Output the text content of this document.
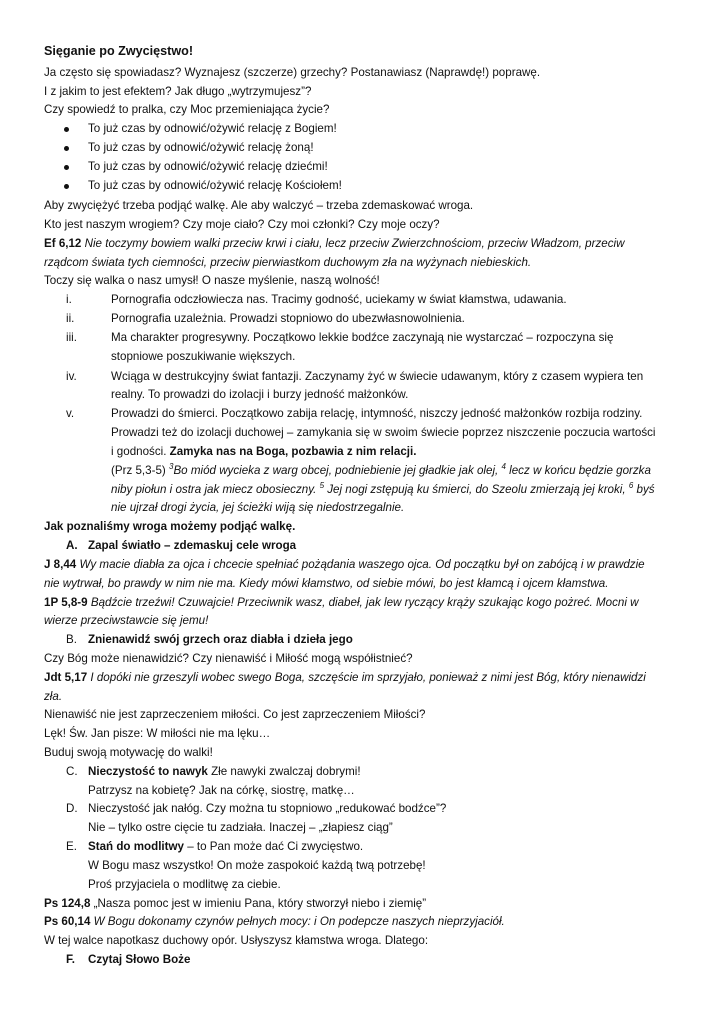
Sięganie po Zwycięstwo!
Ja często się spowiadasz? Wyznajesz (szczerze) grzechy? Postanawiasz (Naprawdę!) poprawę.
I z jakim to jest efektem? Jak długo „wytrzymujesz”?
Czy spowiedź to pralka, czy Moc przemieniająca życie?
To już czas by odnowić/ożywić relację z Bogiem!
To już czas by odnowić/ożywić relację żoną!
To już czas by odnowić/ożywić relację dziećmi!
To już czas by odnowić/ożywić relację Kościołem!
Aby zwyciężyć trzeba podjąć walkę. Ale aby walczyć – trzeba zdemaskować wroga.
Kto jest naszym wrogiem? Czy moje ciało? Czy moi członki? Czy moje oczy?
Ef 6,12 Nie toczymy bowiem walki przeciw krwi i ciału, lecz przeciw Zwierzchnościom, przeciw Władzom, przeciw
rządcom świata tych ciemności, przeciw pierwiastkom duchowym zła na wyżynach niebieskich.
Toczy się walka o nasz umysł! O nasze myślenie, naszą wolność!
i.	Pornografia odczłowiecza nas. Tracimy godność, uciekamy w świat kłamstwa, udawania.
ii.	Pornografia uzależnia. Prowadzi stopniowo do ubezwłasnowolnienia.
iii.	Ma charakter progresywny. Początkowo lekkie bodźce zaczynają nie wystarczać – rozpoczyna się
stopniowe poszukiwanie większych.
iv.	Wciąga w destrukcyjny świat fantazji. Zaczynamy żyć w świecie udawanym, który z czasem wypiera ten
realny. To prowadzi do izolacji i burzy jedność małżonków.
v.	Prowadzi do śmierci. Początkowo zabija relację, intymność, niszczy jedność małżonków rozbija rodziny.
Prowadzi też do izolacji duchowej – zamykania się w swoim świecie poprzez niszczenie poczucia wartości
i godności. Zamyka nas na Boga, pozbawia z nim relacji.
(Prz 5,3-5) $^3$Bo miód wycieka z warg obcej, podniebienie jej gładkie jak olej, $^4$ lecz w końcu będzie gorzka
niby piołun i ostra jak miecz obosieczny. $^5$ Jej nogi zstępują ku śmierci, do Szeolu zmierzają jej kroki, $^6$ byś
nie ujrzał drogi życia, jej ścieżki wiją się niedostrzegalnie.
Jak poznaliśmy wroga możemy podjąć walkę.
A. Zapal światło – zdemaskuj cele wroga
J 8,44 Wy macie diabła za ojca i chcecie spełniać pożądania waszego ojca. Od początku był on zabójcą i w prawdzie
nie wytrwał, bo prawdy w nim nie ma. Kiedy mówi kłamstwo, od siebie mówi, bo jest kłamcą i ojcem kłamstwa.
1P 5,8-9 Bądźcie trzeźwi! Czuwajcie! Przeciwnik wasz, diabeł, jak lew ryczący krąży szukając kogo pożreć. Mocni w
wierze przeciwstawcie się jemu!
B. Znienawidź swój grzech oraz diabła i dzieła jego
Czy Bóg może nienawidzić? Czy nienawiść i Miłość mogą współistnieć?
Jdt 5,17 I dopóki nie grzeszyli wobec swego Boga, szczęście im sprzyjało, ponieważ z nimi jest Bóg, który nienawidzi
zła.
Nienawiść nie jest zaprzeczeniem miłości. Co jest zaprzeczeniem Miłości?
Lęk! Św. Jan pisze: W miłości nie ma lęku…
Buduj swoją motywację do walki!
C. Nieczystość to nawyk Złe nawyki zwalczaj dobrymi!
Patrzysz na kobietę? Jak na córkę, siostrę, matkę…
D. Nieczystość jak nałóg. Czy można tu stopniowo „redukować bodźce”?
Nie – tylko ostre cięcie tu zadziała. Inaczej – „złapiesz ciąg”
E. Stań do modlitwy – to Pan może dać Ci zwycięstwo.
W Bogu masz wszystko! On może zaspokoić każdą twą potrzebę!
Proś przyjaciela o modlitwę za ciebie.
Ps 124,8 „Nasza pomoc jest w imieniu Pana, który stworzył niebo i ziemię”
Ps 60,14 W Bogu dokonamy czynów pełnych mocy: i On podepcze naszych nieprzyjaciół.
W tej walce napotkasz duchowy opór. Usłyszysz kłamstwa wroga. Dlatego:
F.	Czytaj Słowo Boże
